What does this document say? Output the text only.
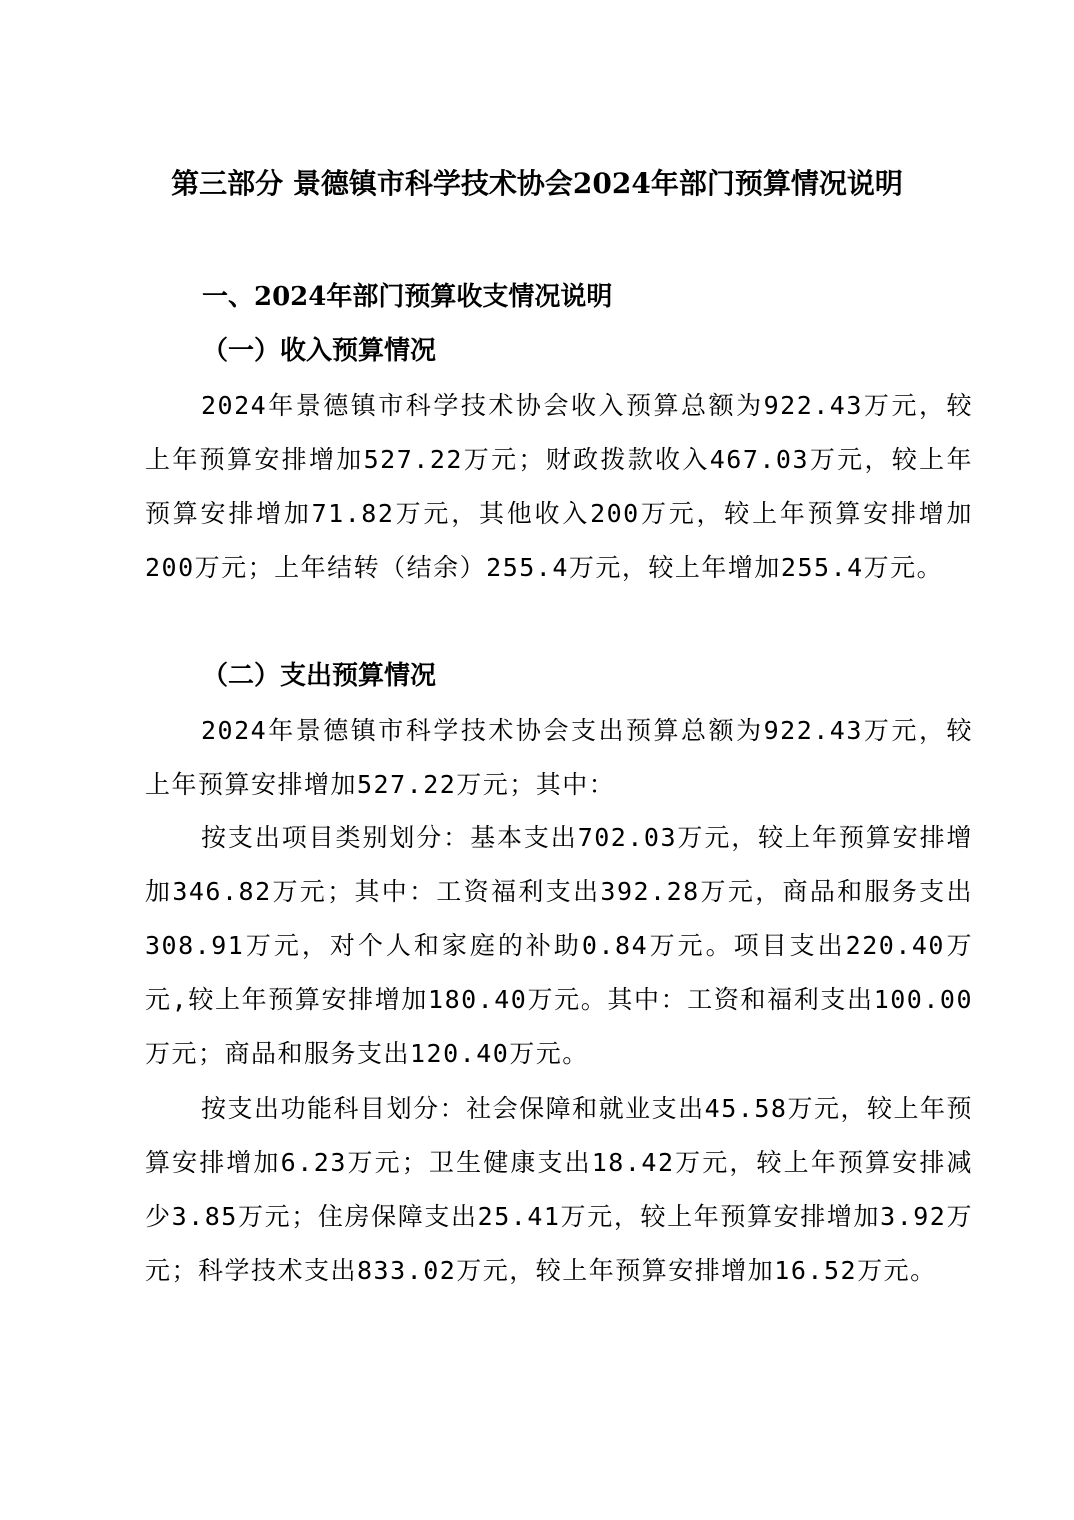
第三部分 景德镇市科学技术协会2024年部门预算情况说明
一、2024年部门预算收支情况说明
（一）收入预算情况

2024年景德镇市科学技术协会收入预算总额为922.43万元，较上年预算安排增加527.22万元；财政拨款收入467.03万元，较上年预算安排增加71.82万元，其他收入200万元，较上年预算安排增加200万元；上年结转（结余）255.4万元，较上年增加255.4万元。

（二）支出预算情况

2024年景德镇市科学技术协会支出预算总额为922.43万元，较上年预算安排增加527.22万元；其中：

按支出项目类别划分：基本支出702.03万元，较上年预算安排增加346.82万元；其中：工资福利支出392.28万元，商品和服务支出308.91万元，对个人和家庭的补助0.84万元。项目支出220.40万元,较上年预算安排增加180.40万元。其中：工资和福利支出100.00万元；商品和服务支出120.40万元。

按支出功能科目划分：社会保障和就业支出45.58万元，较上年预算安排增加6.23万元；卫生健康支出18.42万元，较上年预算安排减少3.85万元；住房保障支出25.41万元，较上年预算安排增加3.92万元；科学技术支出833.02万元，较上年预算安排增加16.52万元。
